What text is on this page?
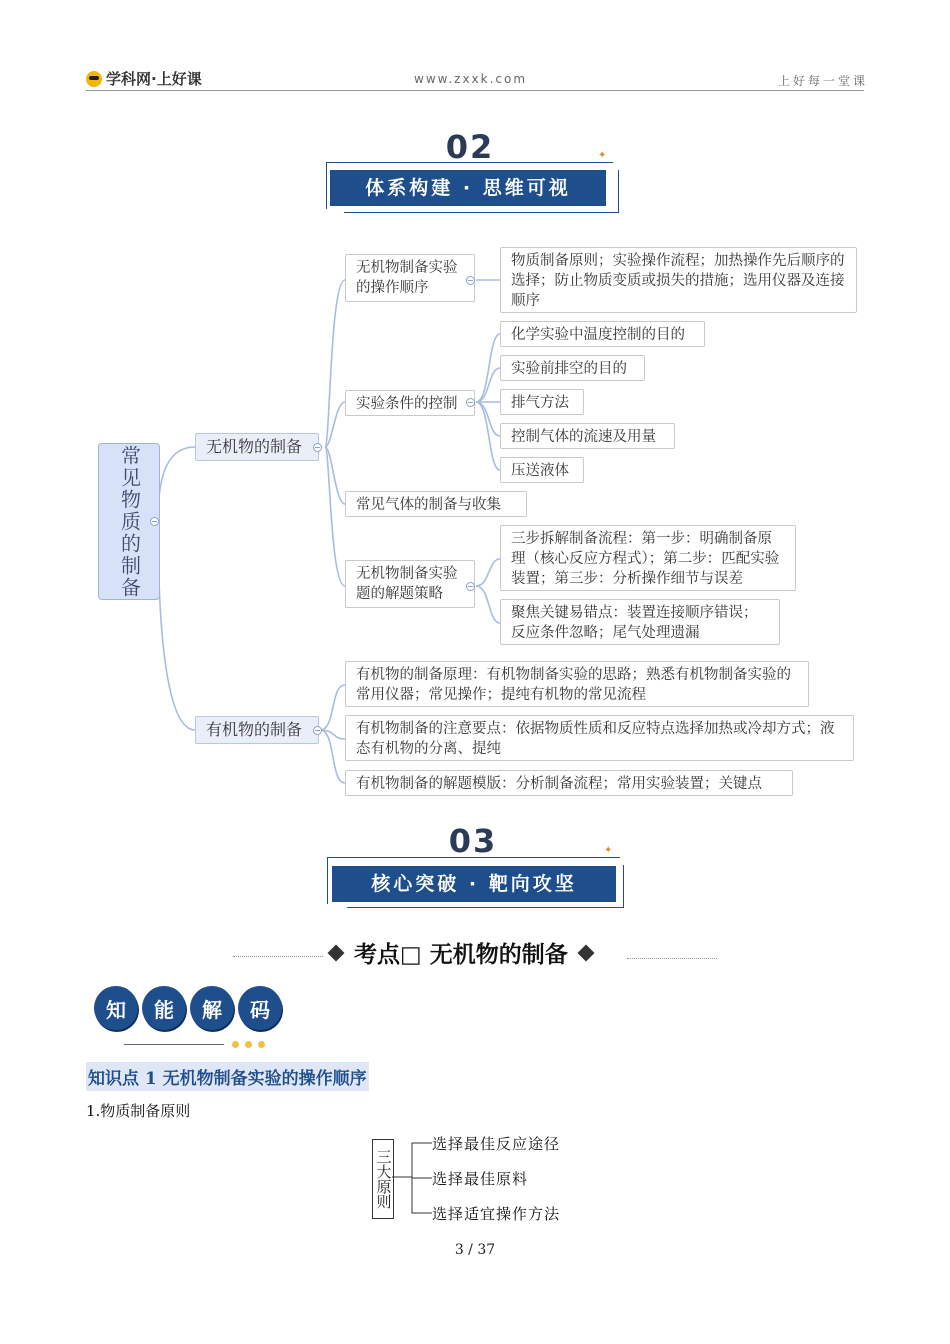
学科网·上好课	www.zxxk.com	上好每一堂课
02
体系构建 · 思维可视
✦
常见物质的制备	无机物的制备
有机物的制备
无机物制备实验的操作顺序
实验条件的控制
常见气体的制备与收集
无机物制备实验题的解题策略
物质制备原则；实验操作流程；加热操作先后顺序的选择；防止物质变质或损失的措施；选用仪器及连接顺序
化学实验中温度控制的目的
实验前排空的目的
排气方法
控制气体的流速及用量
压送液体
三步拆解制备流程：第一步：明确制备原理（核心反应方程式）；第二步：匹配实验装置；第三步：分析操作细节与误差
聚焦关键易错点：装置连接顺序错误；反应条件忽略；尾气处理遗漏
有机物的制备原理：有机物制备实验的思路；熟悉有机物制备实验的常用仪器；常见操作；提纯有机物的常见流程
有机物制备的注意要点：依据物质性质和反应特点选择加热或冷却方式；液态有机物的分离、提纯
有机物制备的解题模版：分析制备流程；常用实验装置；关键点
03
核心突破 · 靶向攻坚
✦
考点□ 无机物的制备
知	能	解	码
知识点 1 无机物制备实验的操作顺序
1.物质制备原则
三大原则
选择最佳反应途径
选择最佳原料
选择适宜操作方法
3 / 37
